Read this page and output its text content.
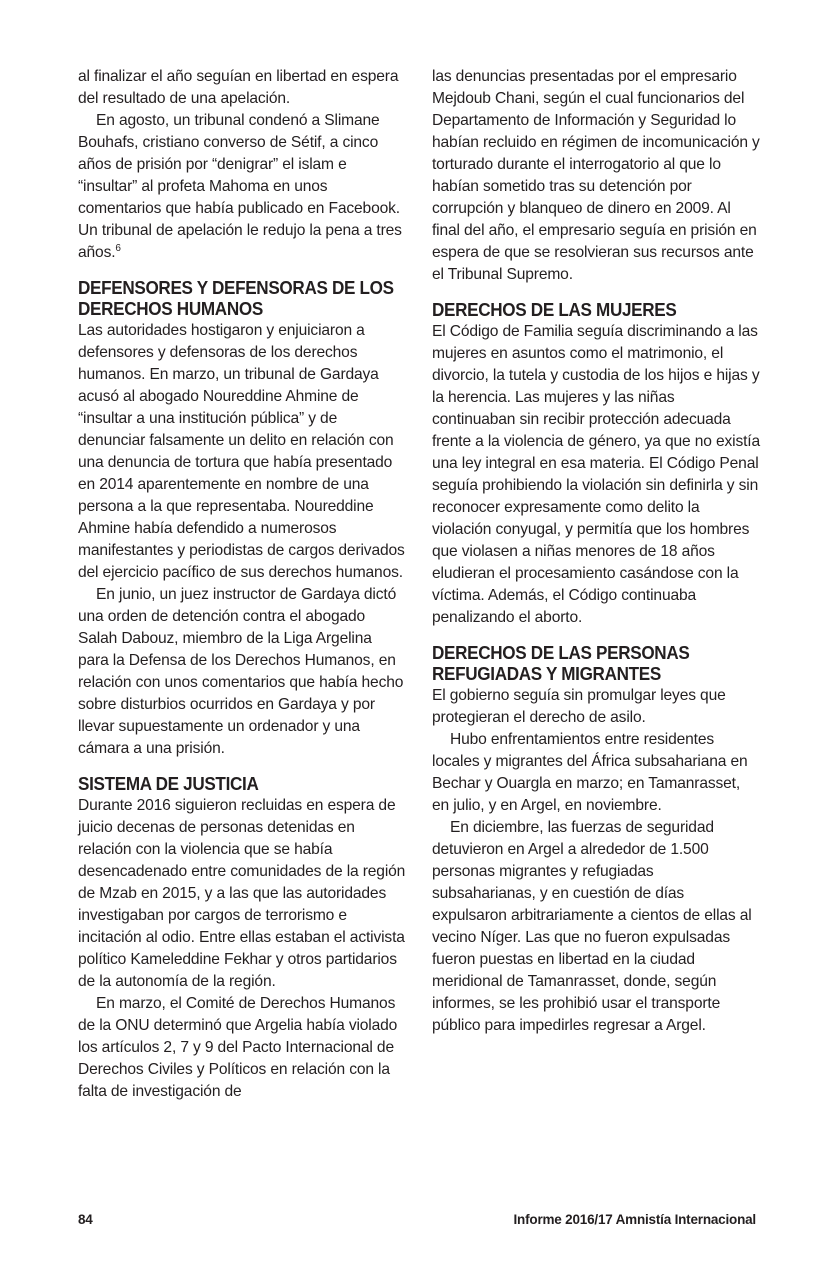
al finalizar el año seguían en libertad en espera del resultado de una apelación.

En agosto, un tribunal condenó a Slimane Bouhafs, cristiano converso de Sétif, a cinco años de prisión por “denigrar” el islam e “insultar” al profeta Mahoma en unos comentarios que había publicado en Facebook. Un tribunal de apelación le redujo la pena a tres años.$^6$

DEFENSORES Y DEFENSORAS DE LOS DERECHOS HUMANOS

Las autoridades hostigaron y enjuiciaron a defensores y defensoras de los derechos humanos. En marzo, un tribunal de Gardaya acusó al abogado Noureddine Ahmine de “insultar a una institución pública” y de denunciar falsamente un delito en relación con una denuncia de tortura que había presentado en 2014 aparentemente en nombre de una persona a la que representaba. Noureddine Ahmine había defendido a numerosos manifestantes y periodistas de cargos derivados del ejercicio pacífico de sus derechos humanos.

En junio, un juez instructor de Gardaya dictó una orden de detención contra el abogado Salah Dabouz, miembro de la Liga Argelina para la Defensa de los Derechos Humanos, en relación con unos comentarios que había hecho sobre disturbios ocurridos en Gardaya y por llevar supuestamente un ordenador y una cámara a una prisión.

SISTEMA DE JUSTICIA

Durante 2016 siguieron recluidas en espera de juicio decenas de personas detenidas en relación con la violencia que se había desencadenado entre comunidades de la región de Mzab en 2015, y a las que las autoridades investigaban por cargos de terrorismo e incitación al odio. Entre ellas estaban el activista político Kameleddine Fekhar y otros partidarios de la autonomía de la región.

En marzo, el Comité de Derechos Humanos de la ONU determinó que Argelia había violado los artículos 2, 7 y 9 del Pacto Internacional de Derechos Civiles y Políticos en relación con la falta de investigación de

las denuncias presentadas por el empresario Mejdoub Chani, según el cual funcionarios del Departamento de Información y Seguridad lo habían recluido en régimen de incomunicación y torturado durante el interrogatorio al que lo habían sometido tras su detención por corrupción y blanqueo de dinero en 2009. Al final del año, el empresario seguía en prisión en espera de que se resolvieran sus recursos ante el Tribunal Supremo.

DERECHOS DE LAS MUJERES

El Código de Familia seguía discriminando a las mujeres en asuntos como el matrimonio, el divorcio, la tutela y custodia de los hijos e hijas y la herencia. Las mujeres y las niñas continuaban sin recibir protección adecuada frente a la violencia de género, ya que no existía una ley integral en esa materia. El Código Penal seguía prohibiendo la violación sin definirla y sin reconocer expresamente como delito la violación conyugal, y permitía que los hombres que violasen a niñas menores de 18 años eludieran el procesamiento casándose con la víctima. Además, el Código continuaba penalizando el aborto.

DERECHOS DE LAS PERSONAS REFUGIADAS Y MIGRANTES

El gobierno seguía sin promulgar leyes que protegieran el derecho de asilo.

Hubo enfrentamientos entre residentes locales y migrantes del África subsahariana en Bechar y Ouargla en marzo; en Tamanrasset, en julio, y en Argel, en noviembre.

En diciembre, las fuerzas de seguridad detuvieron en Argel a alrededor de 1.500 personas migrantes y refugiadas subsaharianas, y en cuestión de días expulsaron arbitrariamente a cientos de ellas al vecino Níger. Las que no fueron expulsadas fueron puestas en libertad en la ciudad meridional de Tamanrasset, donde, según informes, se les prohibió usar el transporte público para impedirles regresar a Argel.

84	Informe 2016/17 Amnistía Internacional
